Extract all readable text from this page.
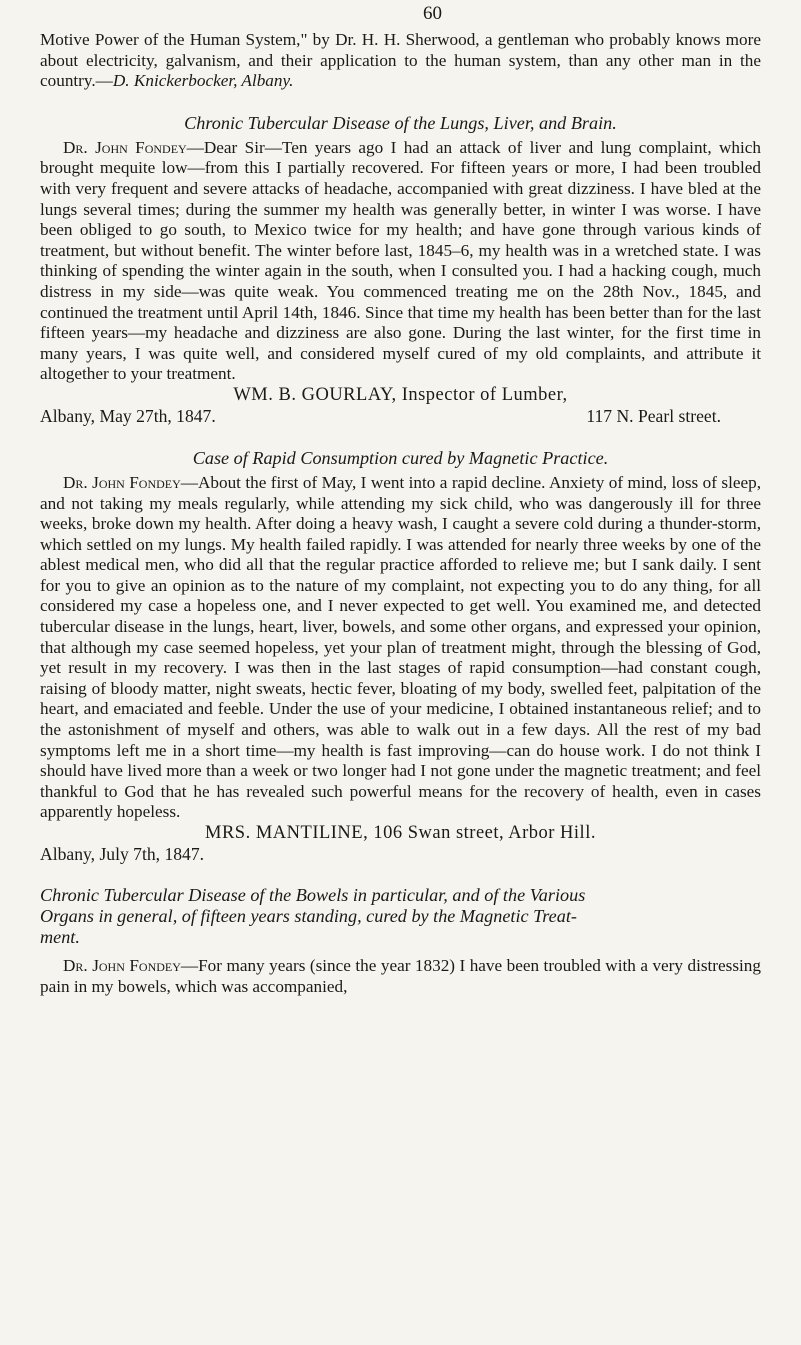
60

Motive Power of the Human System," by Dr. H. H. Sherwood, a gentleman who probably knows more about electricity, galvanism, and their application to the human system, than any other man in the country.—D. Knickerbocker, Albany.

Chronic Tubercular Disease of the Lungs, Liver, and Brain.

Dr. John Fondey—Dear Sir—Ten years ago I had an attack of liver and lung complaint, which brought mequite low—from this I partially recovered. For fifteen years or more, I had been troubled with very frequent and severe attacks of headache, accompanied with great dizziness. I have bled at the lungs several times; during the summer my health was generally better, in winter I was worse. I have been obliged to go south, to Mexico twice for my health; and have gone through various kinds of treatment, but without benefit. The winter before last, 1845–6, my health was in a wretched state. I was thinking of spending the winter again in the south, when I consulted you. I had a hacking cough, much distress in my side—was quite weak. You commenced treating me on the 28th Nov., 1845, and continued the treatment until April 14th, 1846. Since that time my health has been better than for the last fifteen years—my headache and dizziness are also gone. During the last winter, for the first time in many years, I was quite well, and considered myself cured of my old complaints, and attribute it altogether to your treatment.

WM. B. GOURLAY, Inspector of Lumber,
Albany, May 27th, 1847.	117 N. Pearl street.
Case of Rapid Consumption cured by Magnetic Practice.

Dr. John Fondey—About the first of May, I went into a rapid decline. Anxiety of mind, loss of sleep, and not taking my meals regularly, while attending my sick child, who was dangerously ill for three weeks, broke down my health. After doing a heavy wash, I caught a severe cold during a thunder-storm, which settled on my lungs. My health failed rapidly. I was attended for nearly three weeks by one of the ablest medical men, who did all that the regular practice afforded to relieve me; but I sank daily. I sent for you to give an opinion as to the nature of my complaint, not expecting you to do any thing, for all considered my case a hopeless one, and I never expected to get well. You examined me, and detected tubercular disease in the lungs, heart, liver, bowels, and some other organs, and expressed your opinion, that although my case seemed hopeless, yet your plan of treatment might, through the blessing of God, yet result in my recovery. I was then in the last stages of rapid consumption—had constant cough, raising of bloody matter, night sweats, hectic fever, bloating of my body, swelled feet, palpitation of the heart, and emaciated and feeble. Under the use of your medicine, I obtained instantaneous relief; and to the astonishment of myself and others, was able to walk out in a few days. All the rest of my bad symptoms left me in a short time—my health is fast improving—can do house work. I do not think I should have lived more than a week or two longer had I not gone under the magnetic treatment; and feel thankful to God that he has revealed such powerful means for the recovery of health, even in cases apparently hopeless.

MRS. MANTILINE, 106 Swan street, Arbor Hill.
Albany, July 7th, 1847.
Chronic Tubercular Disease of the Bowels in particular, and of the Various
Organs in general, of fifteen years standing, cured by the Magnetic Treat-
ment.

Dr. John Fondey—For many years (since the year 1832) I have been troubled with a very distressing pain in my bowels, which was accompanied,
